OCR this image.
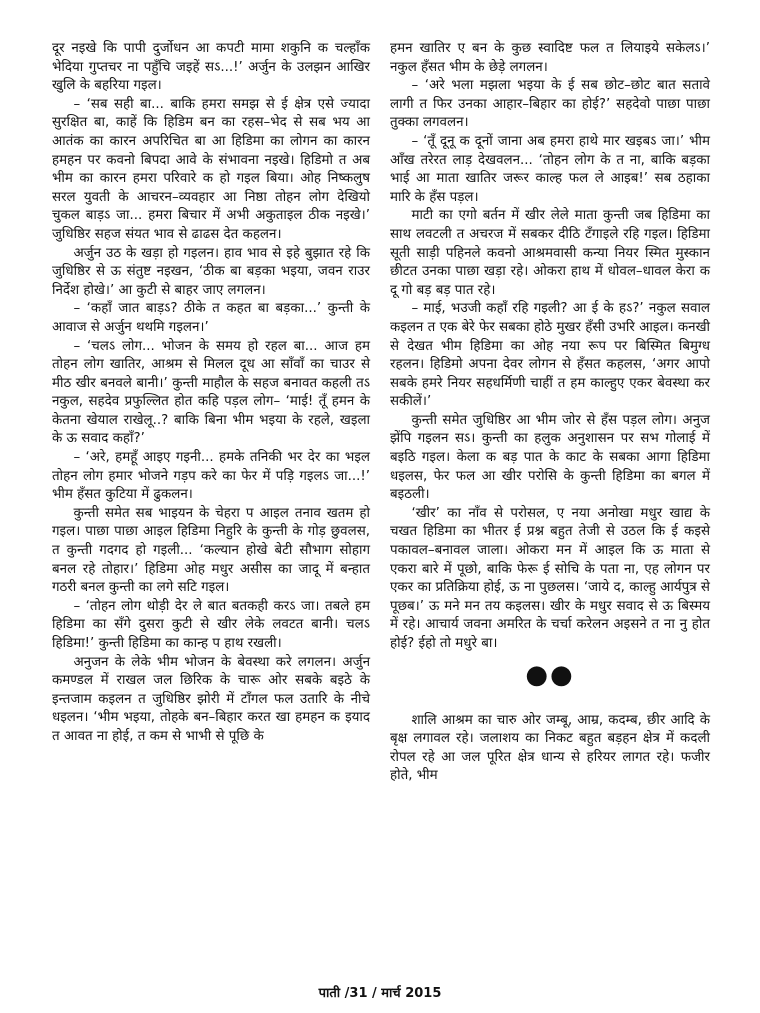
दूर नइखे कि पापी दुर्जोधन आ कपटी मामा शकुनि क चल्हाँक भेदिया गुप्तचर ना पहुँचि जइहें सऽ...!’ अर्जुन के उलझन आखिर खुलि के बहरिया गइल।

– ‘सब सही बा... बाकि हमरा समझ से ई क्षेत्र एसे ज्यादा सुरक्षित बा, काहें कि हिडिम बन का रहस–भेद से सब भय आ आतंक का कारन अपरिचित बा आ हिडिमा का लोगन का कारन हमहन पर कवनो बिपदा आवे के संभावना नइखे। हिडिमो त अब भीम का कारन हमरा परिवारे क हो गइल बिया। ओह निष्कलुष सरल युवती के आचरन–व्यवहार आ निष्ठा तोहन लोग देखियो चुकल बाड़ऽ जा... हमरा बिचार में अभी अकुताइल ठीक नइखे।’ जुधिष्ठिर सहज संयत भाव से ढाढस देत कहलन।

अर्जुन उठ के खड़ा हो गइलन। हाव भाव से इहे बुझात रहे कि जुधिष्ठिर से ऊ संतुष्ट नइखन, ‘ठीक बा बड़का भइया, जवन राउर निर्देश होखे।’ आ कुटी से बाहर जाए लगलन।

– ‘कहाँ जात बाड़ऽ? ठीके त कहत बा बड़का...’ कुन्ती के आवाज से अर्जुन थथमि गइलन।’

– ‘चलऽ लोग... भोजन के समय हो रहल बा... आज हम तोहन लोग खातिर, आश्रम से मिलल दूध आ साँवाँ का चाउर से मीठ खीर बनवले बानी।’ कुन्ती माहौल के सहज बनावत कहली तऽ नकुल, सहदेव प्रफुल्लित होत कहि पड़ल लोग– ‘माई! तूँ हमन के केतना खेयाल राखेलू..? बाकि बिना भीम भइया के रहले, खइला के ऊ सवाद कहाँ?’

– ‘अरे, हमहूँ आइए गइनी... हमके तनिकी भर देर का भइल तोहन लोग हमार भोजने गड़प करे का फेर में पड़ि गइलऽ जा...!’ भीम हँसत कुटिया में ढुकलन।

कुन्ती समेत सब भाइयन के चेहरा प आइल तनाव खतम हो गइल। पाछा पाछा आइल हिडिमा निहुरि के कुन्ती के गोड़ छुवलस, त कुन्ती गदगद हो गइली... ‘कल्यान होखे बेटी सौभाग सोहाग बनल रहे तोहार।’ हिडिमा ओह मधुर असीस का जादू में बन्हात गठरी बनल कुन्ती का लगे सटि गइल।

– ‘तोहन लोग थोड़ी देर ले बात बतकही करऽ जा। तबले हम हिडिमा का सँगे दुसरा कुटी से खीर लेके लवटत बानी। चलऽ हिडिमा!’ कुन्ती हिडिमा का कान्ह प हाथ रखली।

अनुजन के लेके भीम भोजन के बेवस्था करे लगलन। अर्जुन कमण्डल में राखल जल छिरिक के चारू ओर सबके बइठे के इन्तजाम कइलन त जुधिष्ठिर झोरी में टाँगल फल उतारि के नीचे धइलन। ‘भीम भइया, तोहके बन–बिहार करत खा हमहन क इयाद त आवत ना होई, त कम से भाभी से पूछि के

हमन खातिर ए बन के कुछ स्वादिष्ट फल त लियाइये सकेलऽ।’ नकुल हँसत भीम के छेड़े लगलन।

– ‘अरे भला मझला भइया के ई सब छोट–छोट बात सतावे लागी त फिर उनका आहार–बिहार का होई?’ सहदेवो पाछा पाछा तुक्का लगवलन।

– ‘तूँ दूनू क दूनों जाना अब हमरा हाथे मार खइबऽ जा।’ भीम आँख तरेरत लाड़ देखवलन... ‘तोहन लोग के त ना, बाकि बड़का भाई आ माता खातिर जरूर काल्ह फल ले आइब!’ सब ठहाका मारि के हँस पड़ल।

माटी का एगो बर्तन में खीर लेले माता कुन्ती जब हिडिमा का साथ लवटली त अचरज में सबकर दीठि टँगाइले रहि गइल। हिडिमा सूती साड़ी पहिनले कवनो आश्रमवासी कन्या नियर स्मित मुस्कान छीटत उनका पाछा खड़ा रहे। ओकरा हाथ में धोवल–धावल केरा क दू गो बड़ बड़ पात रहे।

– माई, भउजी कहाँ रहि गइली? आ ई के हऽ?’ नकुल सवाल कइलन त एक बेरे फेर सबका होठे मुखर हँसी उभरि आइल। कनखी से देखत भीम हिडिमा का ओह नया रूप पर बिस्मित बिमुग्ध रहलन। हिडिमो अपना देवर लोगन से हँसत कहलस, ‘अगर आपो सबके हमरे नियर सहधर्मिणी चाहीं त हम काल्हुए एकर बेवस्था कर सकीलें।’

कुन्ती समेत जुधिष्ठिर आ भीम जोर से हँस पड़ल लोग। अनुज झेंपि गइलन सऽ। कुन्ती का हलुक अनुशासन पर सभ गोलाई में बइठि गइल। केला क बड़ पात के काट के सबका आगा हिडिमा धइलस, फेर फल आ खीर परोसि के कुन्ती हिडिमा का बगल में बइठली।

‘खीर’ का नाँव से परोसल, ए नया अनोखा मधुर खाद्य के चखत हिडिमा का भीतर ई प्रश्न बहुत तेजी से उठल कि ई कइसे पकावल–बनावल जाला। ओकरा मन में आइल कि ऊ माता से एकरा बारे में पूछो, बाकि फेरू ई सोचि के पता ना, एह लोगन पर एकर का प्रतिक्रिया होई, ऊ ना पुछलस। ‘जाये द, काल्हु आर्यपुत्र से पूछब।’ ऊ मने मन तय कइलस। खीर के मधुर सवाद से ऊ बिस्मय में रहे। आचार्य जवना अमरित के चर्चा करेलन अइसने त ना नु होत होई? ईहो तो मधुरे बा।

●●

शालि आश्रम का चारु ओर जम्बू, आम्र, कदम्ब, छीर आदि के बृक्ष लगावल रहे। जलाशय का निकट बहुत बड़हन क्षेत्र में कदली रोपल रहे आ जल पूरित क्षेत्र धान्य से हरियर लागत रहे। फजीर होते, भीम

पाती /31 / मार्च 2015
